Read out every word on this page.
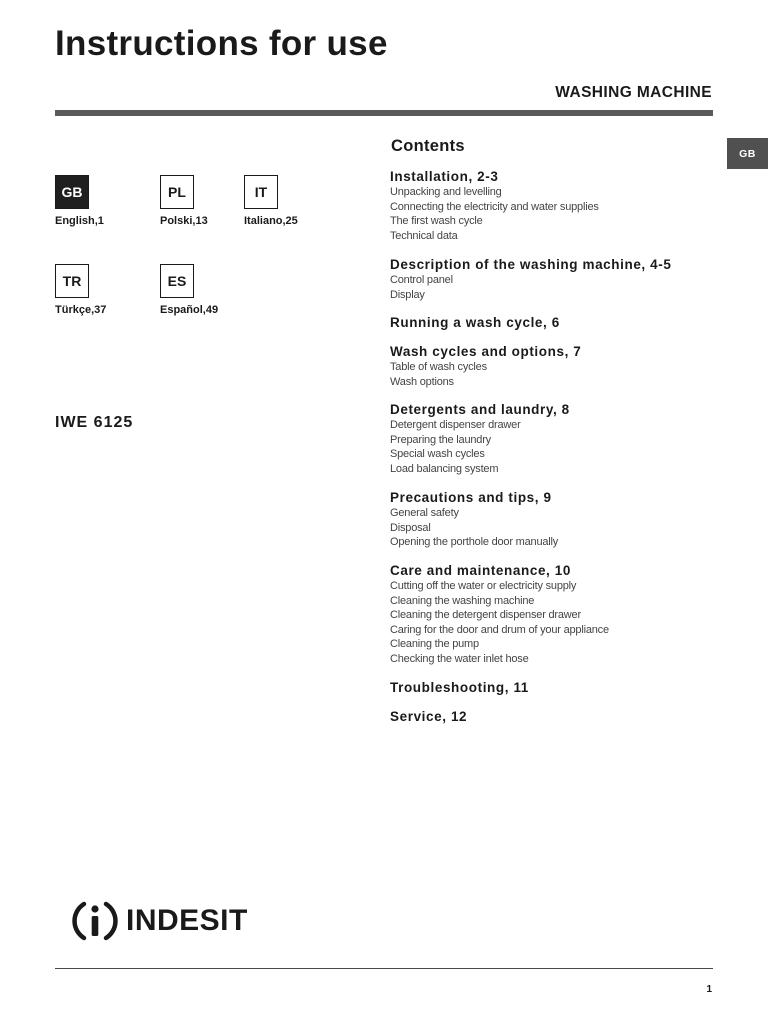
Instructions for use
WASHING MACHINE
GB
GB
English,1
PL
Polski,13
IT
Italiano,25
TR
Türkçe,37
ES
Español,49
IWE 6125
Contents
Installation, 2-3
Unpacking and levelling
Connecting the electricity and water supplies
The first wash cycle
Technical data
Description of the washing machine, 4-5
Control panel
Display
Running a wash cycle, 6
Wash cycles and options, 7
Table of wash cycles
Wash options
Detergents and laundry, 8
Detergent dispenser drawer
Preparing the laundry
Special wash cycles
Load balancing system
Precautions and tips, 9
General safety
Disposal
Opening the porthole door manually
Care and maintenance, 10
Cutting off the water or electricity supply
Cleaning the washing machine
Cleaning the detergent dispenser drawer
Caring for the door and drum of your appliance
Cleaning the pump
Checking the water inlet hose
Troubleshooting, 11
Service, 12
INDESIT
1
